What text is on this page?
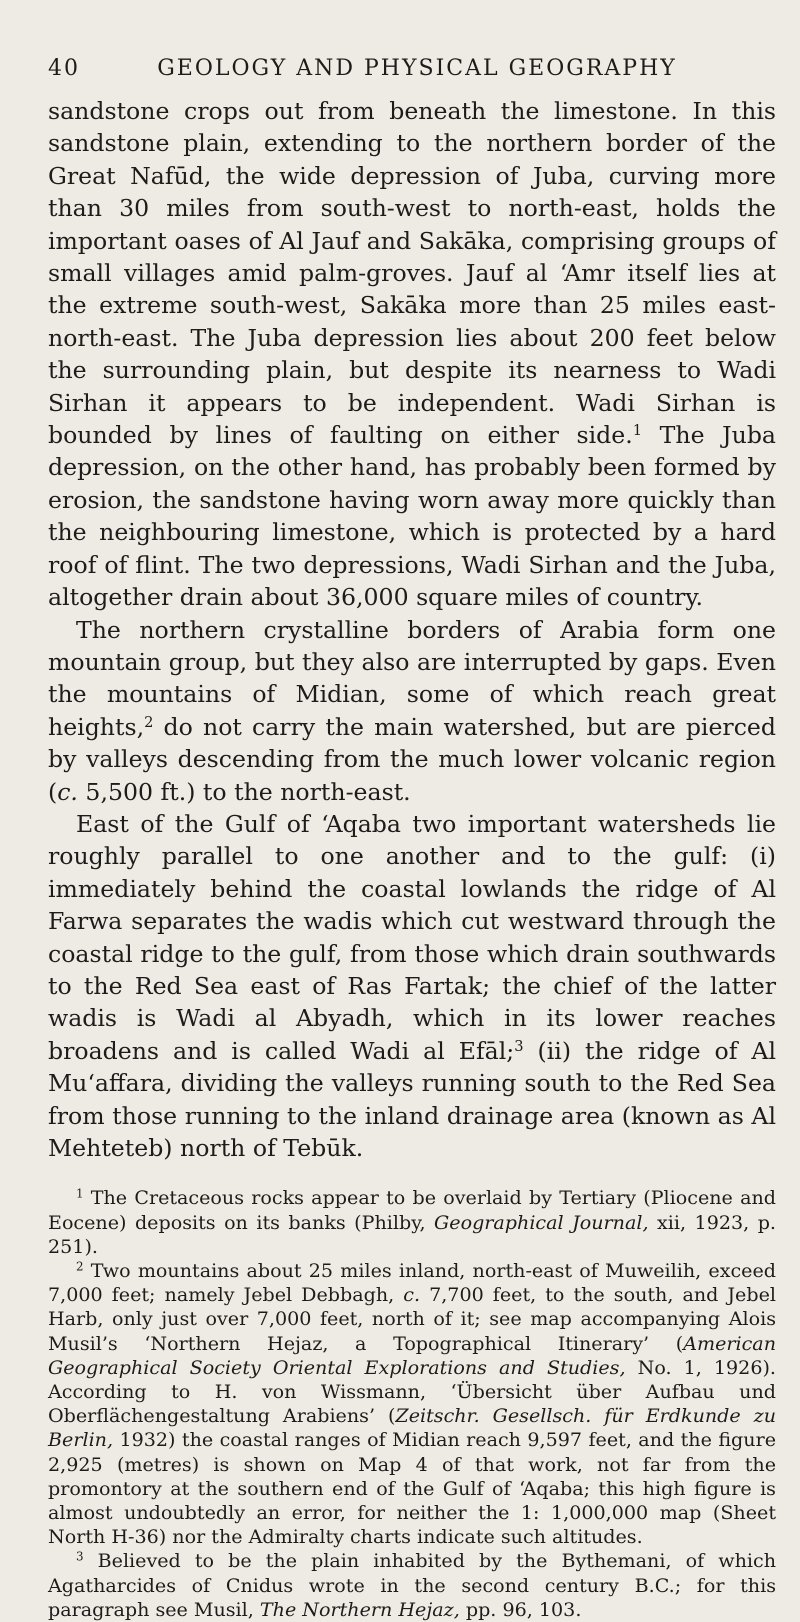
40	GEOLOGY AND PHYSICAL GEOGRAPHY

sandstone crops out from beneath the limestone. In this sandstone plain, extending to the northern border of the Great Nafūd, the wide depression of Juba, curving more than 30 miles from south-west to north-east, holds the important oases of Al Jauf and Sakāka, comprising groups of small villages amid palm-groves. Jauf al ‘Amr itself lies at the extreme south-west, Sakāka more than 25 miles east-north-east. The Juba depression lies about 200 feet below the surrounding plain, but despite its nearness to Wadi Sirhan it appears to be independent. Wadi Sirhan is bounded by lines of faulting on either side.$^1$ The Juba depression, on the other hand, has probably been formed by erosion, the sandstone having worn away more quickly than the neighbouring limestone, which is protected by a hard roof of flint. The two depressions, Wadi Sirhan and the Juba, altogether drain about 36,000 square miles of country.

The northern crystalline borders of Arabia form one mountain group, but they also are interrupted by gaps. Even the mountains of Midian, some of which reach great heights,$^2$ do not carry the main watershed, but are pierced by valleys descending from the much lower volcanic region (c. 5,500 ft.) to the north-east.

East of the Gulf of ‘Aqaba two important watersheds lie roughly parallel to one another and to the gulf: (i) immediately behind the coastal lowlands the ridge of Al Farwa separates the wadis which cut westward through the coastal ridge to the gulf, from those which drain southwards to the Red Sea east of Ras Fartak; the chief of the latter wadis is Wadi al Abyadh, which in its lower reaches broadens and is called Wadi al Efāl;$^3$ (ii) the ridge of Al Mu‘affara, dividing the valleys running south to the Red Sea from those running to the inland drainage area (known as Al Mehteteb) north of Tebūk.

$^1$ The Cretaceous rocks appear to be overlaid by Tertiary (Pliocene and Eocene) deposits on its banks (Philby, Geographical Journal, xii, 1923, p. 251).

$^2$ Two mountains about 25 miles inland, north-east of Muweilih, exceed 7,000 feet; namely Jebel Debbagh, c. 7,700 feet, to the south, and Jebel Harb, only just over 7,000 feet, north of it; see map accompanying Alois Musil’s ‘Northern Hejaz, a Topographical Itinerary’ (American Geographical Society Oriental Explorations and Studies, No. 1, 1926). According to H. von Wissmann, ‘Übersicht über Aufbau und Oberflächengestaltung Arabiens’ (Zeitschr. Gesellsch. für Erdkunde zu Berlin, 1932) the coastal ranges of Midian reach 9,597 feet, and the figure 2,925 (metres) is shown on Map 4 of that work, not far from the promontory at the southern end of the Gulf of ‘Aqaba; this high figure is almost undoubtedly an error, for neither the 1: 1,000,000 map (Sheet North H-36) nor the Admiralty charts indicate such altitudes.

$^3$ Believed to be the plain inhabited by the Bythemani, of which Agatharcides of Cnidus wrote in the second century B.C.; for this paragraph see Musil, The Northern Hejaz, pp. 96, 103.
